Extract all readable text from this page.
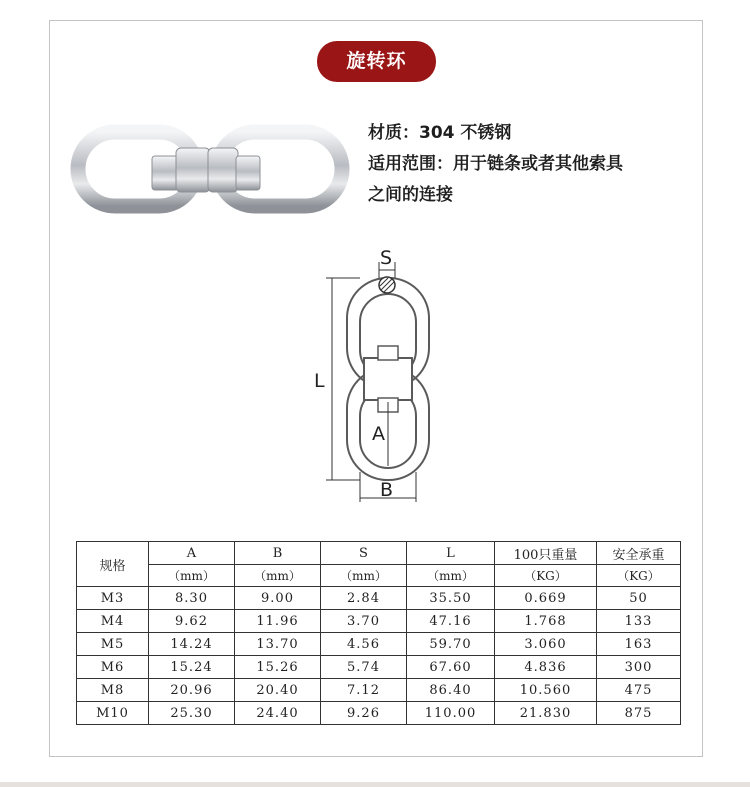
旋转环

材质：304 不锈钢

适用范围：用于链条或者其他索具

之间的连接

S
L
A
B
规格	A	B	S	L	100只重量	安全承重
	（mm）	（mm）	（mm）	（mm）	（KG）	（KG）
M3	8.30	9.00	2.84	35.50	0.669	50
M4	9.62	11.96	3.70	47.16	1.768	133
M5	14.24	13.70	4.56	59.70	3.060	163
M6	15.24	15.26	5.74	67.60	4.836	300
M8	20.96	20.40	7.12	86.40	10.560	475
M10	25.30	24.40	9.26	110.00	21.830	875
